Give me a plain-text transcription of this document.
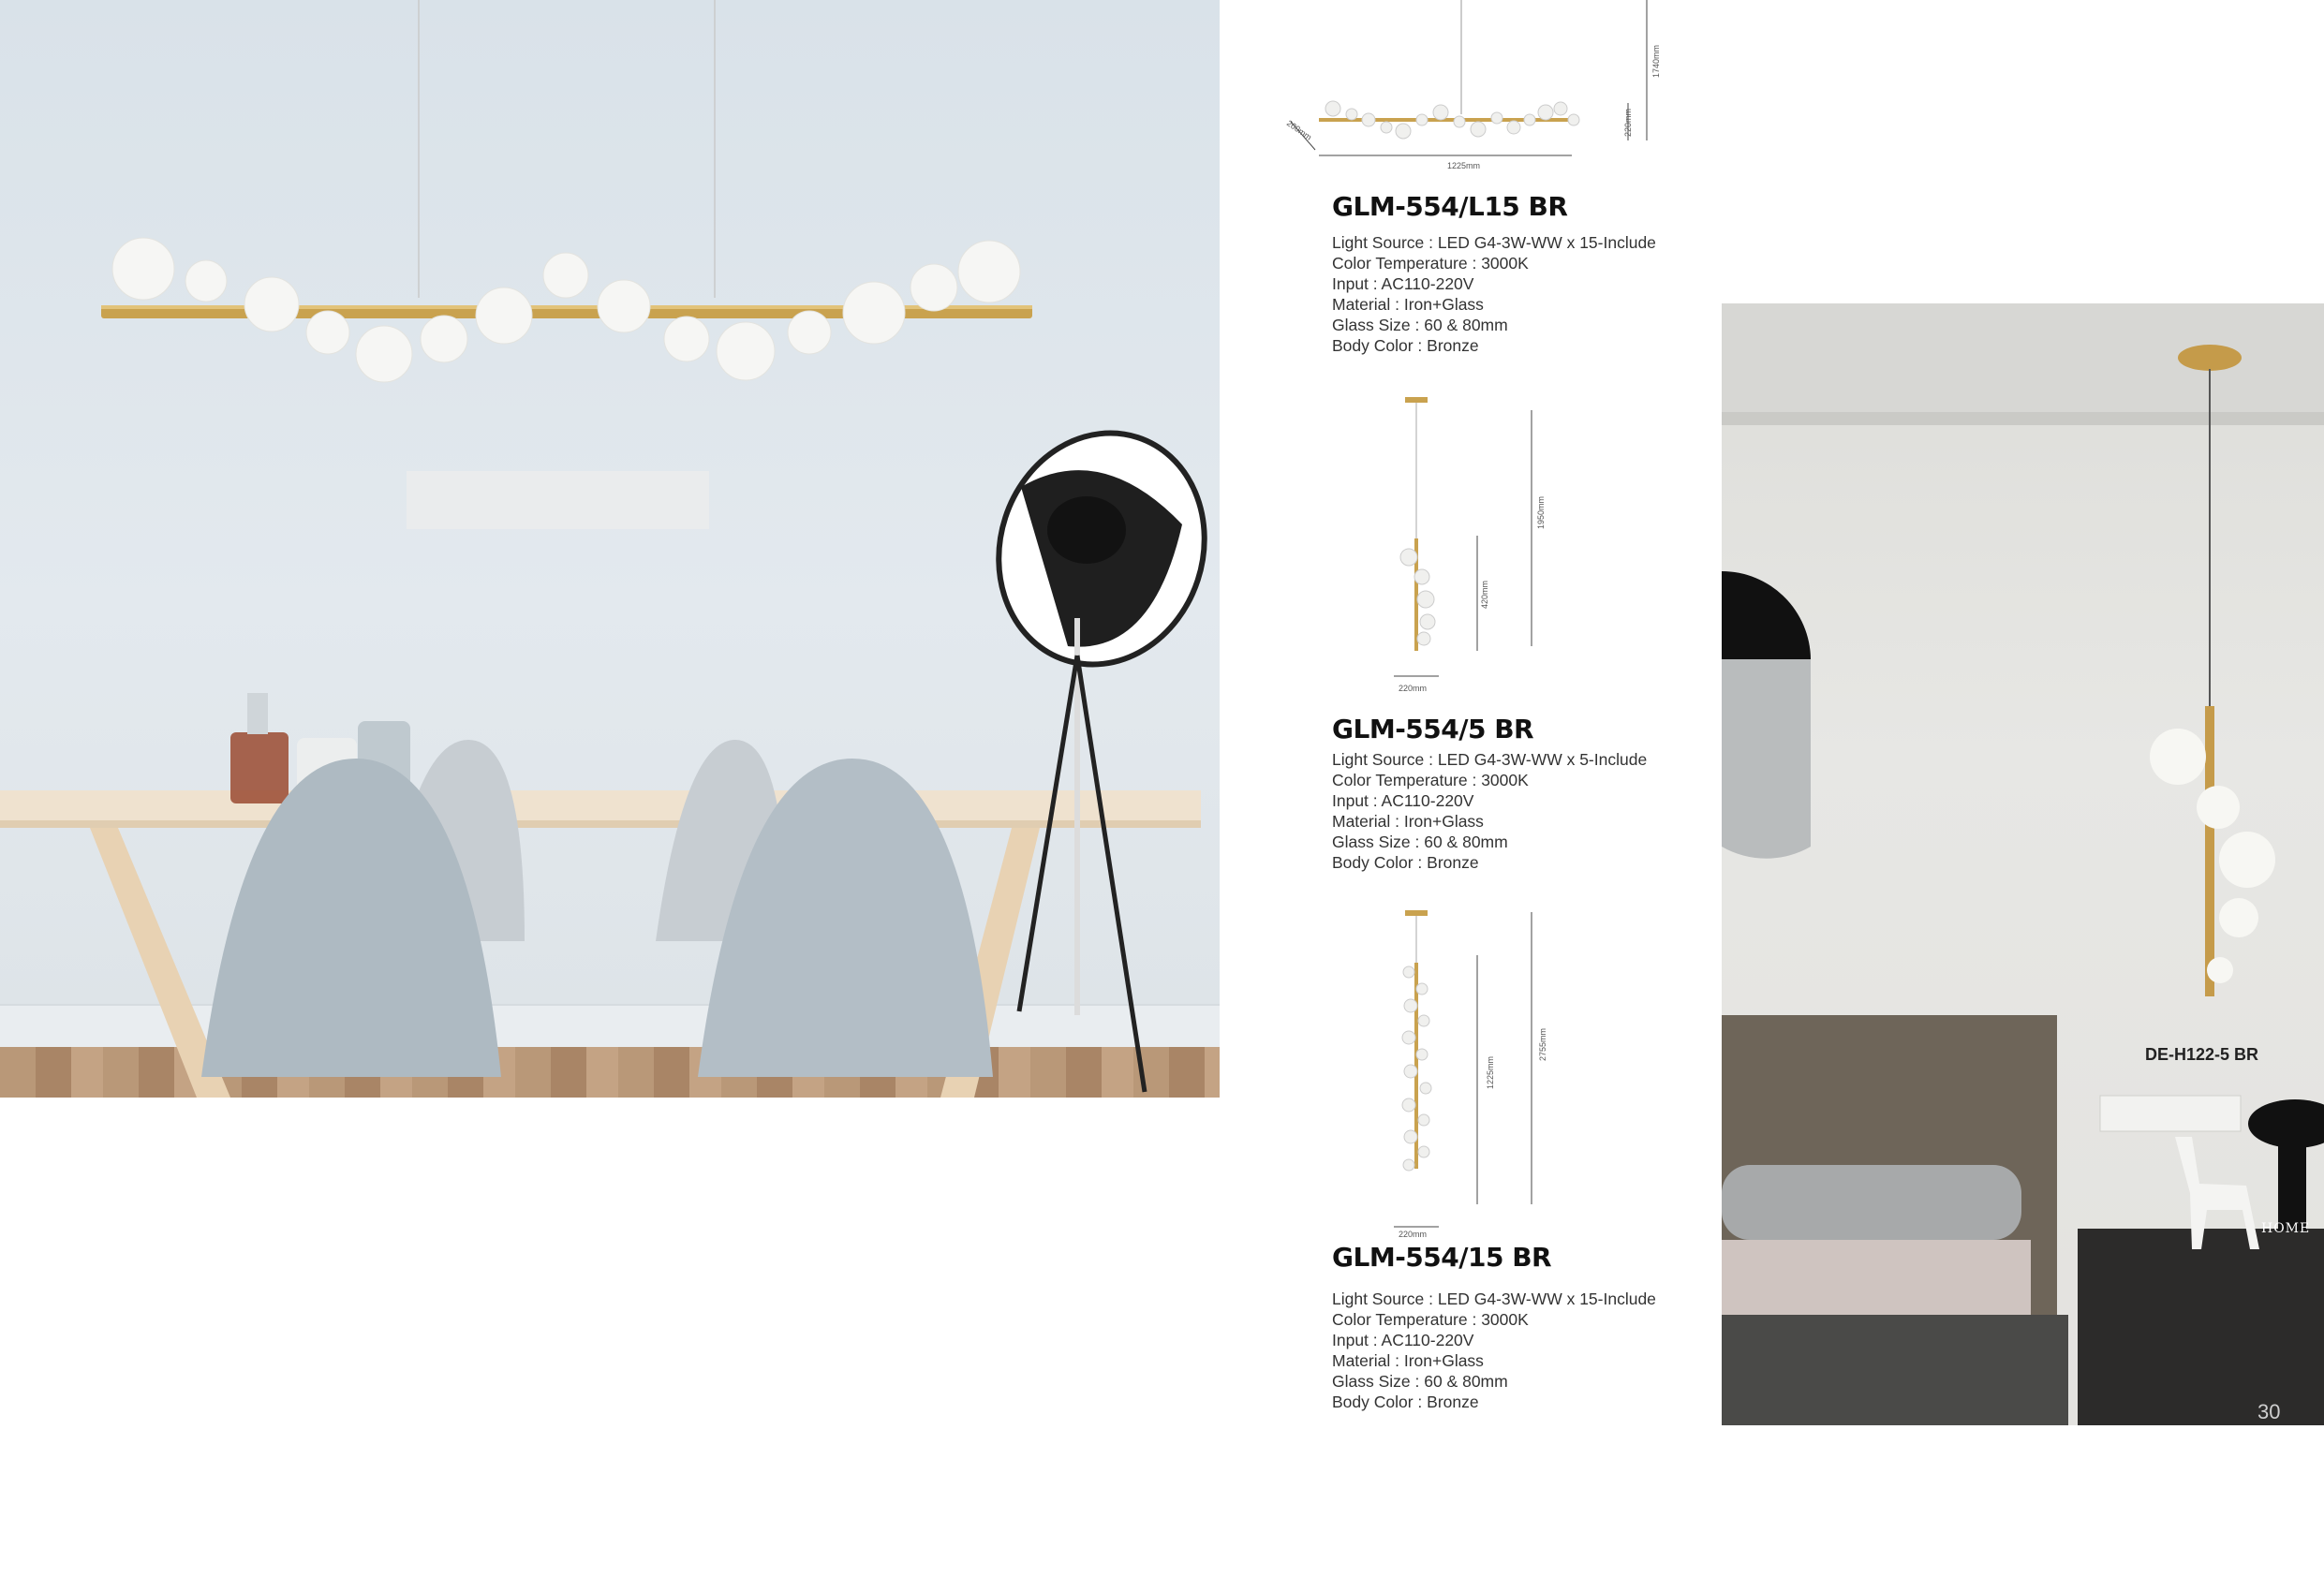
1225mm
200mm	220mm
1740mm
GLM-554/L15 BR
Light Source : LED G4-3W-WW x 15-Include
Color Temperature : 3000K
Input : AC110-220V
Material : Iron+Glass
Glass Size : 60 & 80mm
Body Color : Bronze
220mm
420mm
1950mm
GLM-554/5 BR
Light Source : LED G4-3W-WW x 5-Include
Color Temperature : 3000K
Input : AC110-220V
Material : Iron+Glass
Glass Size : 60 & 80mm
Body Color : Bronze
220mm
1225mm
2755mm
GLM-554/15 BR
Light Source : LED G4-3W-WW x 15-Include
Color Temperature : 3000K
Input : AC110-220V
Material : Iron+Glass
Glass Size : 60 & 80mm
Body Color : Bronze
DE-H122-5 BR
HOME
30
